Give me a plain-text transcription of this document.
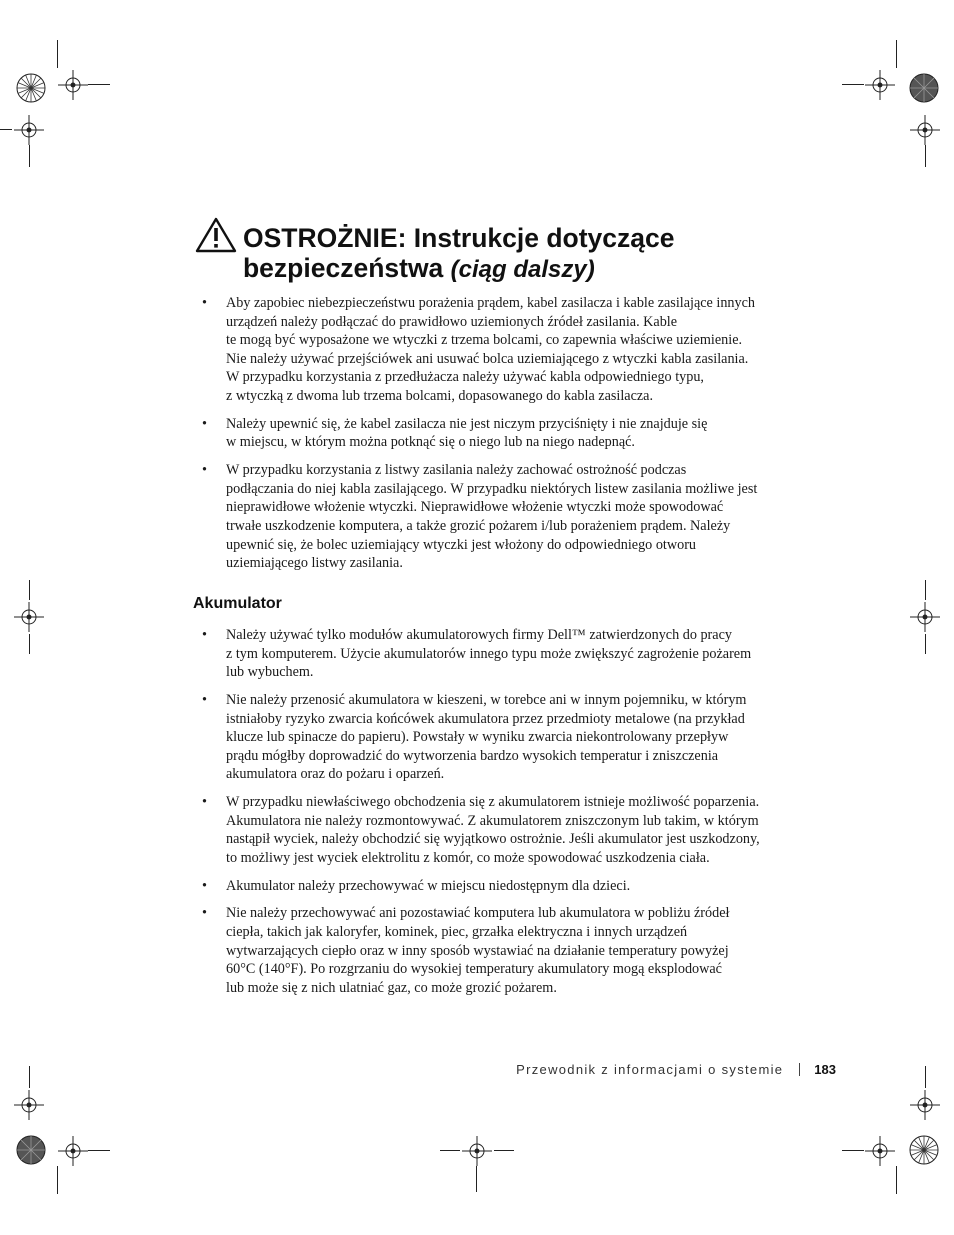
OSTROŻNIE: Instrukcje dotyczące bezpieczeństwa (ciąg dalszy)
• Aby zapobiec niebezpieczeństwu porażenia prądem, kabel zasilacza i kable zasilające innych
urządzeń należy podłączać do prawidłowo uziemionych źródeł zasilania. Kable
te mogą być wyposażone we wtyczki z trzema bolcami, co zapewnia właściwe uziemienie.
Nie należy używać przejściówek ani usuwać bolca uziemiającego z wtyczki kabla zasilania.
W przypadku korzystania z przedłużacza należy używać kabla odpowiedniego typu,
z wtyczką z dwoma lub trzema bolcami, dopasowanego do kabla zasilacza.
• Należy upewnić się, że kabel zasilacza nie jest niczym przyciśnięty i nie znajduje się
w miejscu, w którym można potknąć się o niego lub na niego nadepnąć.
• W przypadku korzystania z listwy zasilania należy zachować ostrożność podczas
podłączania do niej kabla zasilającego. W przypadku niektórych listew zasilania możliwe jest
nieprawidłowe włożenie wtyczki. Nieprawidłowe włożenie wtyczki może spowodować
trwałe uszkodzenie komputera, a także grozić pożarem i/lub porażeniem prądem. Należy
upewnić się, że bolec uziemiający wtyczki jest włożony do odpowiedniego otworu
uziemiającego listwy zasilania.
Akumulator
• Należy używać tylko modułów akumulatorowych firmy Dell™ zatwierdzonych do pracy
z tym komputerem. Użycie akumulatorów innego typu może zwiększyć zagrożenie pożarem
lub wybuchem.
• Nie należy przenosić akumulatora w kieszeni, w torebce ani w innym pojemniku, w którym
istniałoby ryzyko zwarcia końcówek akumulatora przez przedmioty metalowe (na przykład
klucze lub spinacze do papieru). Powstały w wyniku zwarcia niekontrolowany przepływ
prądu mógłby doprowadzić do wytworzenia bardzo wysokich temperatur i zniszczenia
akumulatora oraz do pożaru i oparzeń.
• W przypadku niewłaściwego obchodzenia się z akumulatorem istnieje możliwość poparzenia.
Akumulatora nie należy rozmontowywać. Z akumulatorem zniszczonym lub takim, w którym
nastąpił wyciek, należy obchodzić się wyjątkowo ostrożnie. Jeśli akumulator jest uszkodzony,
to możliwy jest wyciek elektrolitu z komór, co może spowodować uszkodzenia ciała.
• Akumulator należy przechowywać w miejscu niedostępnym dla dzieci.
• Nie należy przechowywać ani pozostawiać komputera lub akumulatora w pobliżu źródeł
ciepła, takich jak kaloryfer, kominek, piec, grzałka elektryczna i innych urządzeń
wytwarzających ciepło oraz w inny sposób wystawiać na działanie temperatury powyżej
60°C (140°F). Po rozgrzaniu do wysokiej temperatury akumulatory mogą eksplodować
lub może się z nich ulatniać gaz, co może grozić pożarem.
Przewodnik z informacjami o systemie 183
